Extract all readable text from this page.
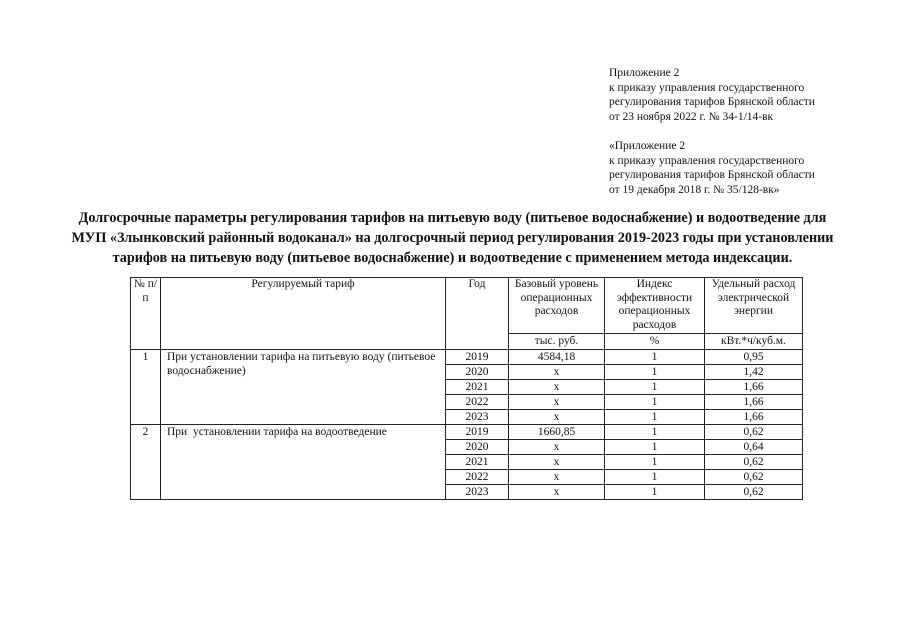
Приложение 2
к приказу управления государственного
регулирования тарифов Брянской области
от 23 ноября 2022 г. № 34-1/14-вк
«Приложение 2
к приказу управления государственного
регулирования тарифов Брянской области
от 19 декабря 2018 г. № 35/128-вк»
Долгосрочные параметры регулирования тарифов на питьевую воду (питьевое водоснабжение) и водоотведение для
МУП «Злынковский районный водоканал» на долгосрочный период регулирования 2019-2023 годы при установлении
тарифов на питьевую воду (питьевое водоснабжение) и водоотведение с применением метода индексации.
№ п/п	Регулируемый тариф	Год	Базовый уровень операционных расходов	Индекс эффективности операционных расходов	Удельный расход электрической энергии
			тыс. руб.	%	кВт.*ч/куб.м.
1	При установлении тарифа на питьевую воду (питьевое водоснабжение)	2019	4584,18	1	0,95
		2020	x	1	1,42
		2021	x	1	1,66
		2022	x	1	1,66
		2023	x	1	1,66
2	При  установлении тарифа на водоотведение	2019	1660,85	1	0,62
		2020	x	1	0,64
		2021	x	1	0,62
		2022	x	1	0,62
		2023	x	1	0,62
